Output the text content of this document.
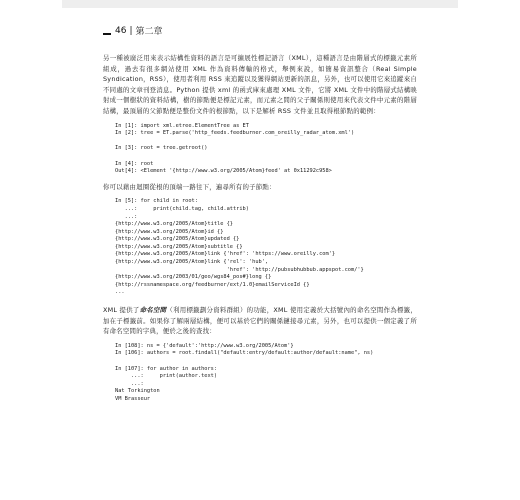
46 | 第二章

另一種被廣泛用來表示結構性資料的語言是可擴展性標記語言（XML），這種語言是由階層式的標籤元素所組成，過去有很多網站使用 XML 作為資料傳輸的格式，舉例來說，如簡易資訊整合（Real Simple Syndication，RSS），使用者利用 RSS 來追蹤以及獲得網站更新的訊息，另外，也可以使用它來追蹤來自不同處的文章刊登消息。Python 提供 xml 的函式庫來處理 XML 文件，它將 XML 文件中的階層式結構映射成一個樹狀的資料結構，樹的節點便是標記元素，而元素之間的父子關係則使用來代表文件中元素的階層結構，最頂層的父節點便是整份文件的根節點，以下是解析 RSS 文件並且取得根節點的範例：

In [1]: import xml.etree.ElementTree as ET
In [2]: tree = ET.parse('http_feeds.feedburner.com_oreilly_radar_atom.xml')

In [3]: root = tree.getroot()

In [4]: root
Out[4]: <Element '{http://www.w3.org/2005/Atom}feed' at 0x11292c958>

你可以藉由迴圈從根的頂端一路往下，遍尋所有的子節點：

In [5]: for child in root:
...:     print(child.tag, child.attrib)
...:
{http://www.w3.org/2005/Atom}title {}
{http://www.w3.org/2005/Atom}id {}
{http://www.w3.org/2005/Atom}updated {}
{http://www.w3.org/2005/Atom}subtitle {}
{http://www.w3.org/2005/Atom}link {'href': 'https://www.oreilly.com'}
{http://www.w3.org/2005/Atom}link {'rel': 'hub',
'href': 'http://pubsubhubbub.appspot.com/'}
{http://www.w3.org/2003/01/geo/wgs84_pos#}long {}
{http://rssnamespace.org/feedburner/ext/1.0}emailServiceId {}
...

XML 提供了命名空間（利用標籤劃分資料群組）的功能，XML 使用定義於大括號內的命名空間作為標籤，加在子標籤前。如果你了解兩層結構，便可以基於它們的關係鏈接尋元素，另外，也可以提供一個定義了所有命名空間的字典，便於之後的查找：

In [108]: ns = {'default':'http://www.w3.org/2005/Atom'}
In [106]: authors = root.findall("default:entry/default:author/default:name", ns)

In [107]: for author in authors:
...:     print(author.text)
...:
Nat Torkington
VM Brasseur
